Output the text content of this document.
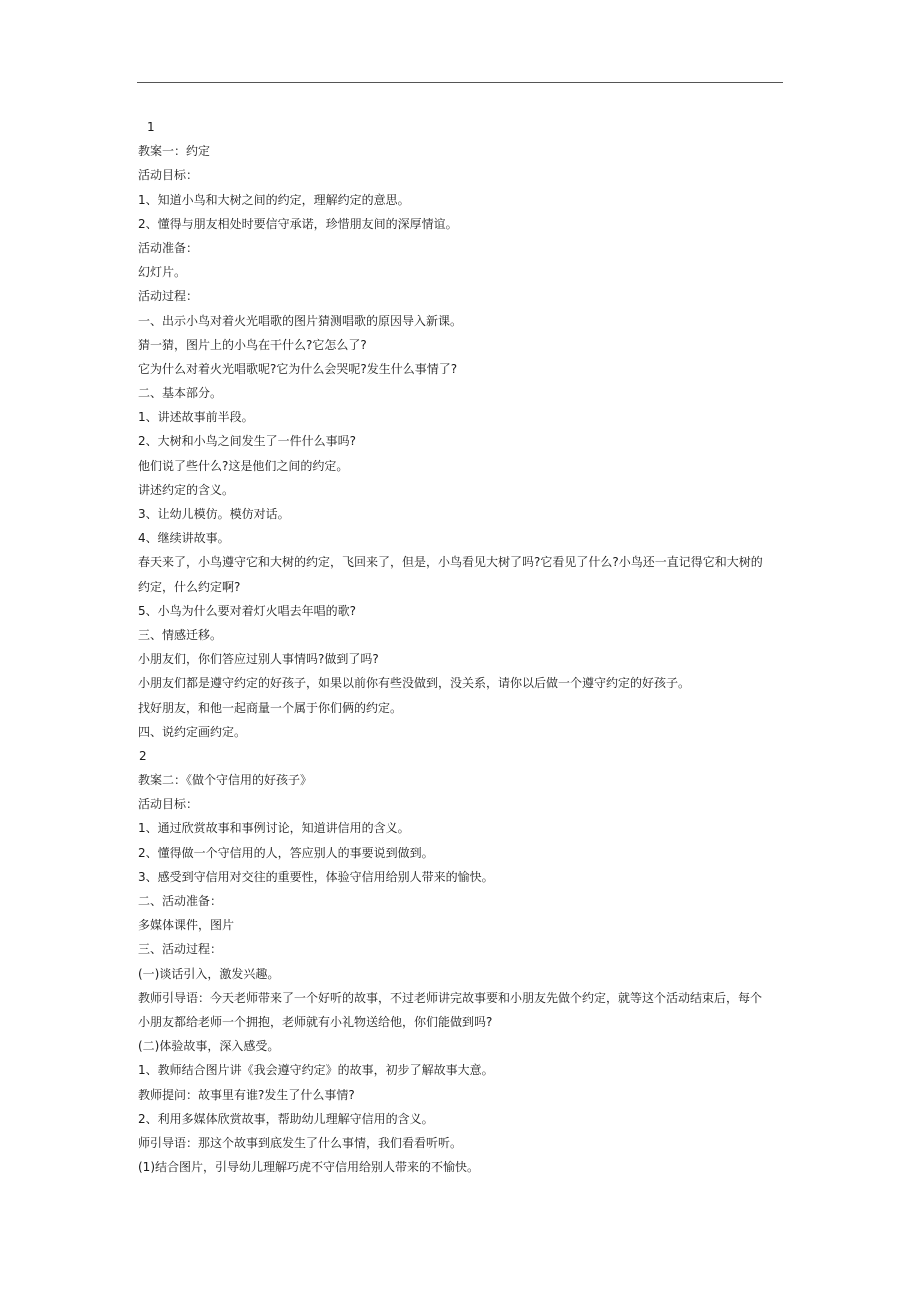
1
教案一：约定
活动目标：
1、知道小鸟和大树之间的约定，理解约定的意思。
2、懂得与朋友相处时要信守承诺，珍惜朋友间的深厚情谊。
活动准备：
幻灯片。
活动过程：
一、出示小鸟对着火光唱歌的图片猜测唱歌的原因导入新课。
猜一猜，图片上的小鸟在干什么?它怎么了?
它为什么对着火光唱歌呢?它为什么会哭呢?发生什么事情了?
二、基本部分。
1、讲述故事前半段。
2、大树和小鸟之间发生了一件什么事吗?
他们说了些什么?这是他们之间的约定。
讲述约定的含义。
3、让幼儿模仿。模仿对话。
4、继续讲故事。
春天来了，小鸟遵守它和大树的约定，飞回来了，但是，小鸟看见大树了吗?它看见了什么?小鸟还一直记得它和大树的
约定，什么约定啊?
5、小鸟为什么要对着灯火唱去年唱的歌?
三、情感迁移。
小朋友们，你们答应过别人事情吗?做到了吗?
小朋友们都是遵守约定的好孩子，如果以前你有些没做到，没关系，请你以后做一个遵守约定的好孩子。
找好朋友，和他一起商量一个属于你们俩的约定。
四、说约定画约定。
2
教案二：《做个守信用的好孩子》
活动目标：
1、通过欣赏故事和事例讨论，知道讲信用的含义。
2、懂得做一个守信用的人，答应别人的事要说到做到。
3、感受到守信用对交往的重要性，体验守信用给别人带来的愉快。
二、活动准备：
多媒体课件，图片
三、活动过程：
(一)谈话引入，激发兴趣。
教师引导语：今天老师带来了一个好听的故事，不过老师讲完故事要和小朋友先做个约定，就等这个活动结束后，每个
小朋友都给老师一个拥抱，老师就有小礼物送给他，你们能做到吗?
(二)体验故事，深入感受。
1、教师结合图片讲《我会遵守约定》的故事，初步了解故事大意。
教师提问：故事里有谁?发生了什么事情?
2、利用多媒体欣赏故事，帮助幼儿理解守信用的含义。
师引导语：那这个故事到底发生了什么事情，我们看看听听。
(1)结合图片，引导幼儿理解巧虎不守信用给别人带来的不愉快。
